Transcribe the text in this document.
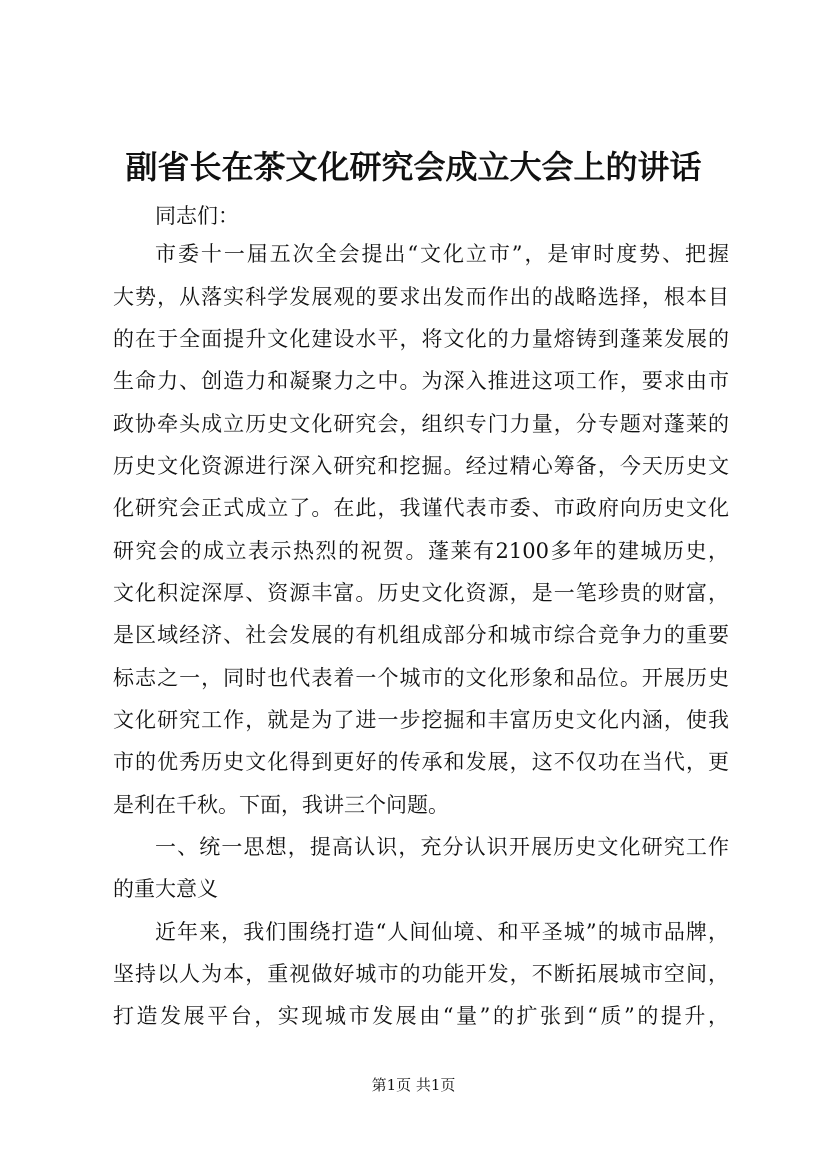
副省长在茶文化研究会成立大会上的讲话
同志们：
市委十一届五次全会提出“文化立市”，是审时度势、把握
大势，从落实科学发展观的要求出发而作出的战略选择，根本目
的在于全面提升文化建设水平，将文化的力量熔铸到蓬莱发展的
生命力、创造力和凝聚力之中。为深入推进这项工作，要求由市
政协牵头成立历史文化研究会，组织专门力量，分专题对蓬莱的
历史文化资源进行深入研究和挖掘。经过精心筹备，今天历史文
化研究会正式成立了。在此，我谨代表市委、市政府向历史文化
研究会的成立表示热烈的祝贺。蓬莱有2100多年的建城历史，
文化积淀深厚、资源丰富。历史文化资源，是一笔珍贵的财富，
是区域经济、社会发展的有机组成部分和城市综合竞争力的重要
标志之一，同时也代表着一个城市的文化形象和品位。开展历史
文化研究工作，就是为了进一步挖掘和丰富历史文化内涵，使我
市的优秀历史文化得到更好的传承和发展，这不仅功在当代，更
是利在千秋。下面，我讲三个问题。
一、统一思想，提高认识，充分认识开展历史文化研究工作
的重大意义
近年来，我们围绕打造“人间仙境、和平圣城”的城市品牌，
坚持以人为本，重视做好城市的功能开发，不断拓展城市空间，
打造发展平台，实现城市发展由“量”的扩张到“质”的提升，
第1页 共1页
